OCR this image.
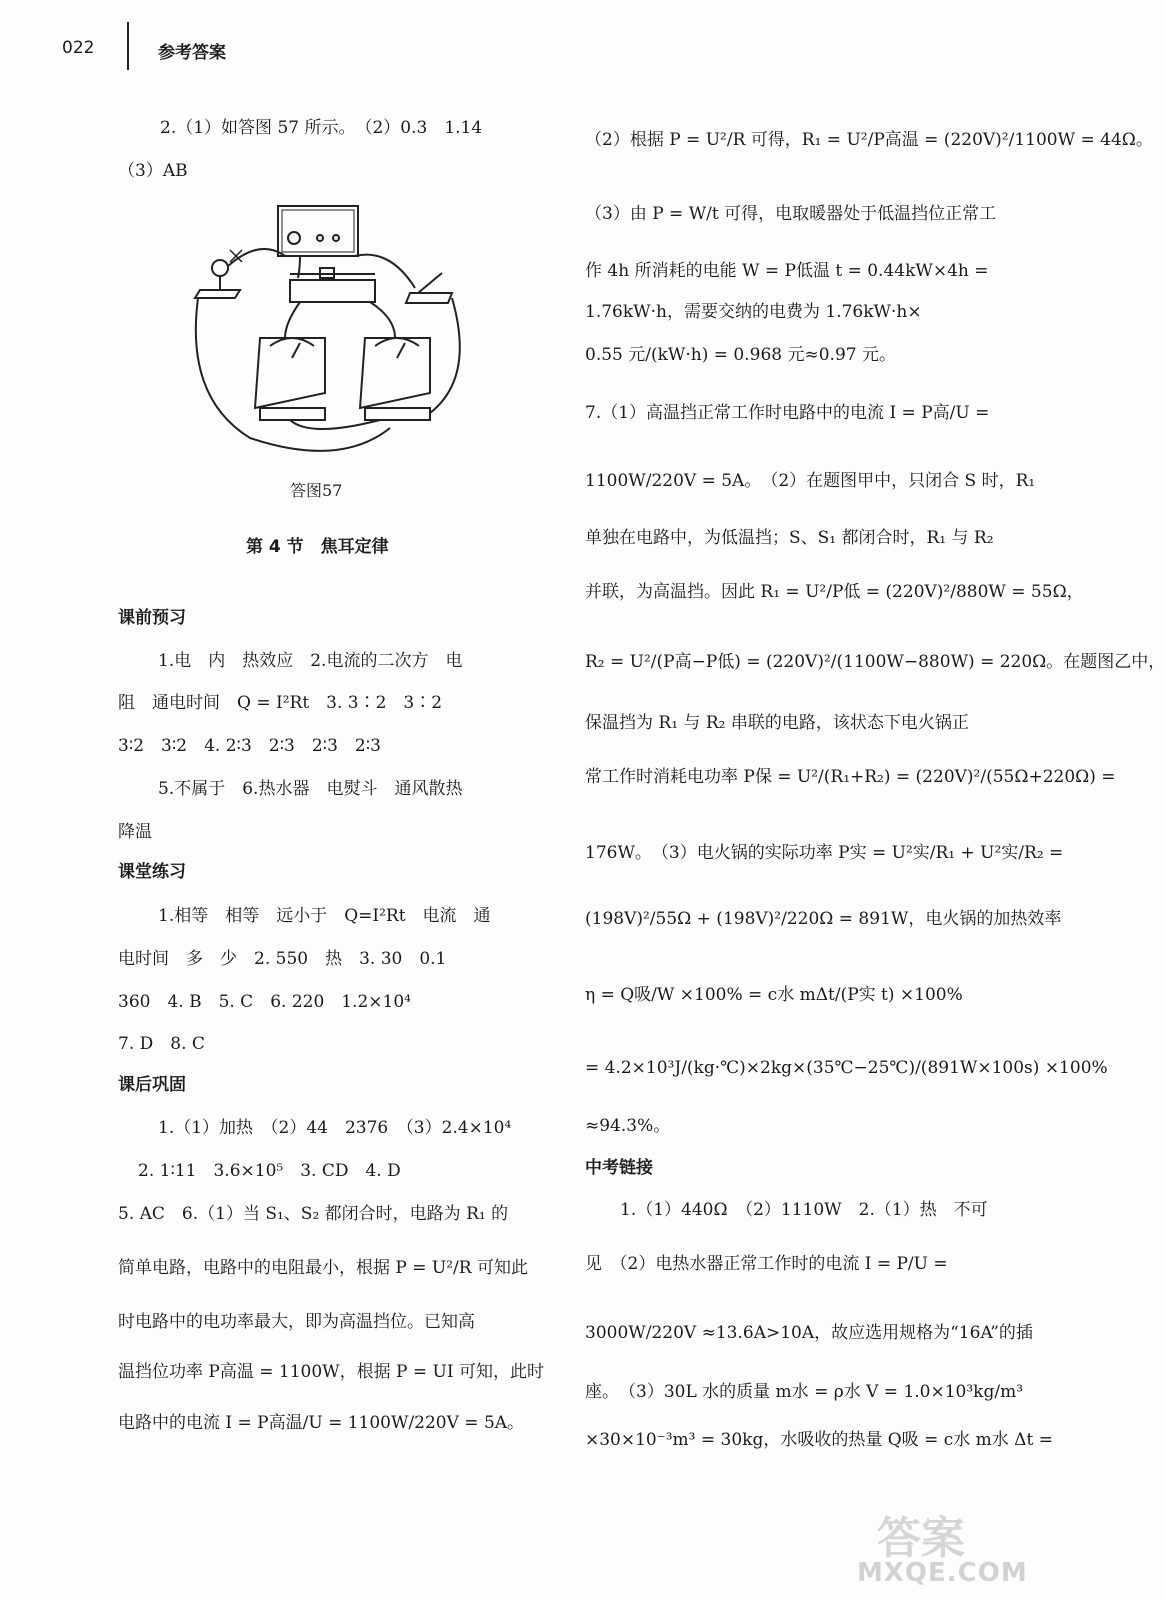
022	参考答案
2.（1）如答图 57 所示。　（2）0.3　1.14
（3）AB
答图57
第 4 节　焦耳定律
课前预习
1.电　内　热效应　2.电流的二次方　电
阻　通电时间　Q = I²Rt　3. 3∶2　3∶2
3∶2　3∶2　4. 2∶3　2∶3　2∶3　2∶3
5.不属于　6.热水器　电熨斗　通风散热
降温
课堂练习
1.相等　相等　远小于　Q=I²Rt　电流　通
电时间　多　少　2. 550　热　3. 30　0.1
360　4. B　5. C　6. 220　1.2×10⁴
7. D　8. C
课后巩固
1.（1）加热　（2）44　2376　（3）2.4×10⁴
2. 1∶11　3.6×10⁵　3. CD　4. D
5. AC　6.（1）当 S₁、S₂ 都闭合时，电路为 R₁ 的
简单电路，电路中的电阻最小，根据 P = U²/R 可知此
时电路中的电功率最大，即为高温挡位。已知高
温挡位功率 P高温 = 1100W，根据 P = UI 可知，此时
电路中的电流 I = P高温/U = 1100W/220V = 5A。
（2）根据 P = U²/R 可得，R₁ = U²/P高温 = (220V)²/1100W = 44Ω。
（3）由 P = W/t 可得，电取暖器处于低温挡位正常工
作 4h 所消耗的电能 W = P低温 t = 0.44kW×4h =
1.76kW·h，需要交纳的电费为 1.76kW·h×
0.55 元/(kW·h) = 0.968 元≈0.97 元。
7.（1）高温挡正常工作时电路中的电流 I = P高/U =
1100W/220V = 5A。　（2）在题图甲中，只闭合 S 时，R₁
单独在电路中，为低温挡；S、S₁ 都闭合时，R₁ 与 R₂
并联，为高温挡。因此 R₁ = U²/P低 = (220V)²/880W = 55Ω，
R₂ = U²/(P高−P低) = (220V)²/(1100W−880W) = 220Ω。在题图乙中，
保温挡为 R₁ 与 R₂ 串联的电路，该状态下电火锅正
常工作时消耗电功率 P保 = U²/(R₁+R₂) = (220V)²/(55Ω+220Ω) =
176W。　（3）电火锅的实际功率 P实 = U²实/R₁ + U²实/R₂ =
(198V)²/55Ω + (198V)²/220Ω = 891W，电火锅的加热效率
η = Q吸/W ×100% = c水 mΔt/(P实 t) ×100%
= 4.2×10³J/(kg·℃)×2kg×(35℃−25℃)/(891W×100s) ×100%
≈94.3%。
中考链接
1.（1）440Ω　（2）1110W　2.（1）热　不可
见　（2）电热水器正常工作时的电流 I = P/U =
3000W/220V ≈13.6A>10A，故应选用规格为“16A”的插
座。　（3）30L 水的质量 m水 = ρ水 V = 1.0×10³kg/m³
×30×10⁻³m³ = 30kg，水吸收的热量 Q吸 = c水 m水 Δt =
答案
MXQE.COM
